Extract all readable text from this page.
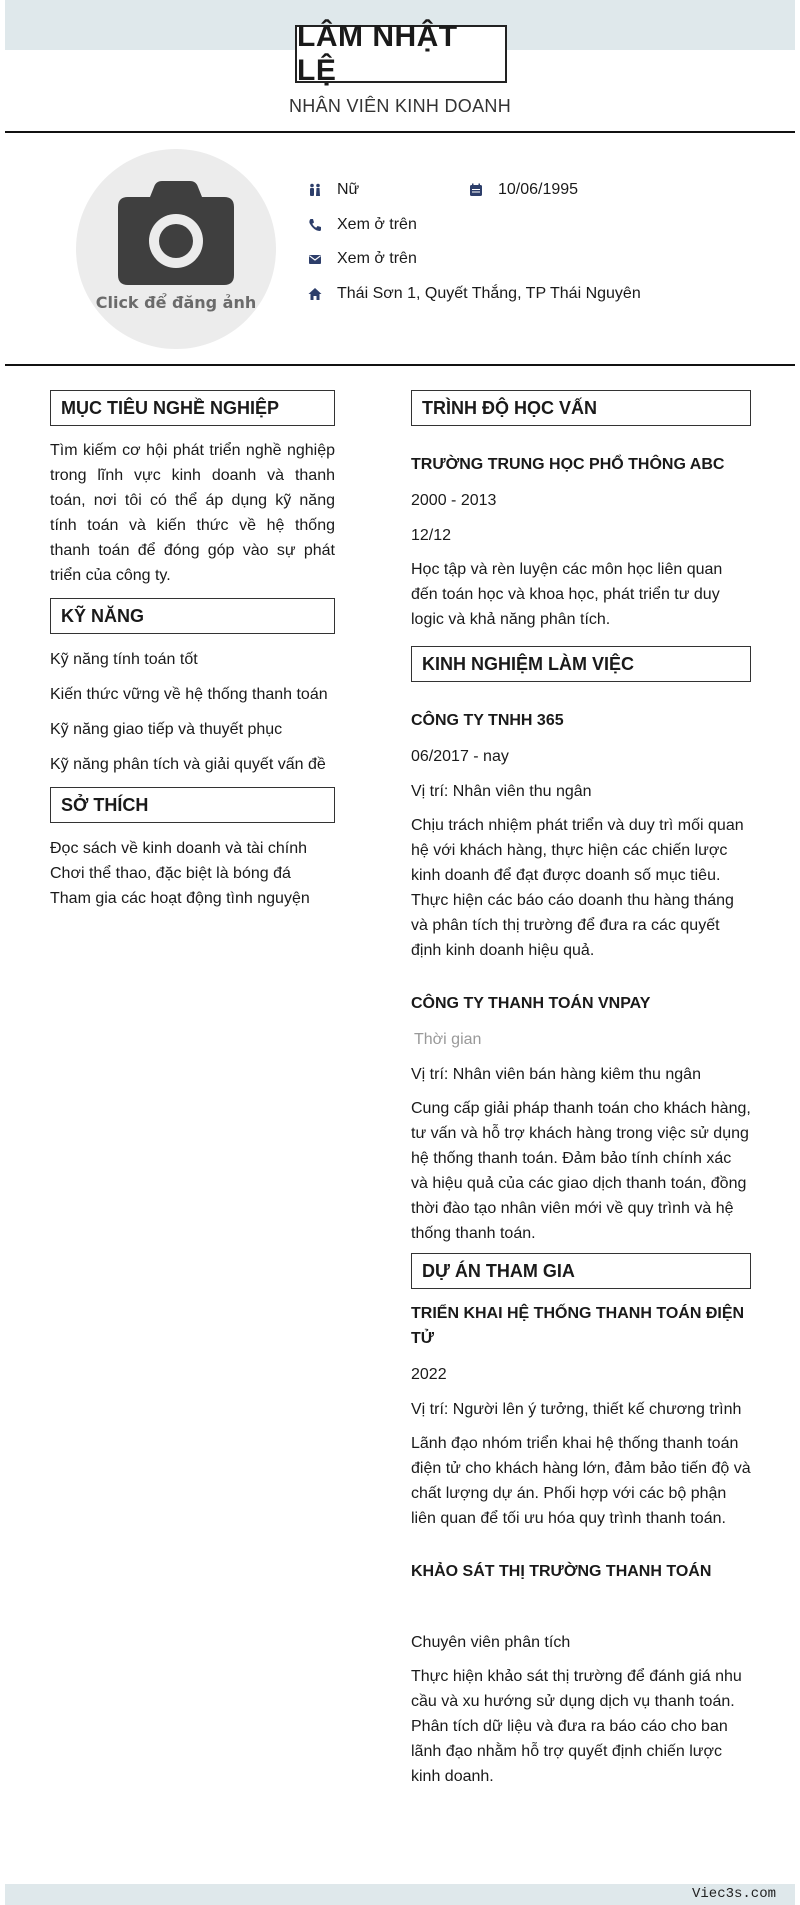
LÂM NHẬT LỆ
NHÂN VIÊN KINH DOANH
Click để đăng ảnh
Nữ	10/06/1995
Xem ở trên
Xem ở trên
Thái Sơn 1, Quyết Thắng, TP Thái Nguyên
MỤC TIÊU NGHỀ NGHIỆP

Tìm kiếm cơ hội phát triển nghề nghiệp trong lĩnh vực kinh doanh và thanh toán, nơi tôi có thể áp dụng kỹ năng tính toán và kiến thức về hệ thống thanh toán để đóng góp vào sự phát triển của công ty.

KỸ NĂNG

Kỹ năng tính toán tốt

Kiến thức vững về hệ thống thanh toán

Kỹ năng giao tiếp và thuyết phục

Kỹ năng phân tích và giải quyết vấn đề

SỞ THÍCH

Đọc sách về kinh doanh và tài chính

Chơi thể thao, đặc biệt là bóng đá

Tham gia các hoạt động tình nguyện

TRÌNH ĐỘ HỌC VẤN

TRƯỜNG TRUNG HỌC PHỔ THÔNG ABC

2000 - 2013

12/12

Học tập và rèn luyện các môn học liên quan đến toán học và khoa học, phát triển tư duy logic và khả năng phân tích.

KINH NGHIỆM LÀM VIỆC

CÔNG TY TNHH 365

06/2017 - nay

Vị trí: Nhân viên thu ngân

Chịu trách nhiệm phát triển và duy trì mối quan hệ với khách hàng, thực hiện các chiến lược kinh doanh để đạt được doanh số mục tiêu. Thực hiện các báo cáo doanh thu hàng tháng và phân tích thị trường để đưa ra các quyết định kinh doanh hiệu quả.

CÔNG TY THANH TOÁN VNPAY

Thời gian

Vị trí: Nhân viên bán hàng kiêm thu ngân

Cung cấp giải pháp thanh toán cho khách hàng, tư vấn và hỗ trợ khách hàng trong việc sử dụng hệ thống thanh toán. Đảm bảo tính chính xác và hiệu quả của các giao dịch thanh toán, đồng thời đào tạo nhân viên mới về quy trình và hệ thống thanh toán.

DỰ ÁN THAM GIA

TRIỂN KHAI HỆ THỐNG THANH TOÁN ĐIỆN TỬ

2022

Vị trí: Người lên ý tưởng, thiết kế chương trình

Lãnh đạo nhóm triển khai hệ thống thanh toán điện tử cho khách hàng lớn, đảm bảo tiến độ và chất lượng dự án. Phối hợp với các bộ phận liên quan để tối ưu hóa quy trình thanh toán.

KHẢO SÁT THỊ TRƯỜNG THANH TOÁN

Chuyên viên phân tích

Thực hiện khảo sát thị trường để đánh giá nhu cầu và xu hướng sử dụng dịch vụ thanh toán. Phân tích dữ liệu và đưa ra báo cáo cho ban lãnh đạo nhằm hỗ trợ quyết định chiến lược kinh doanh.

Viec3s.com
